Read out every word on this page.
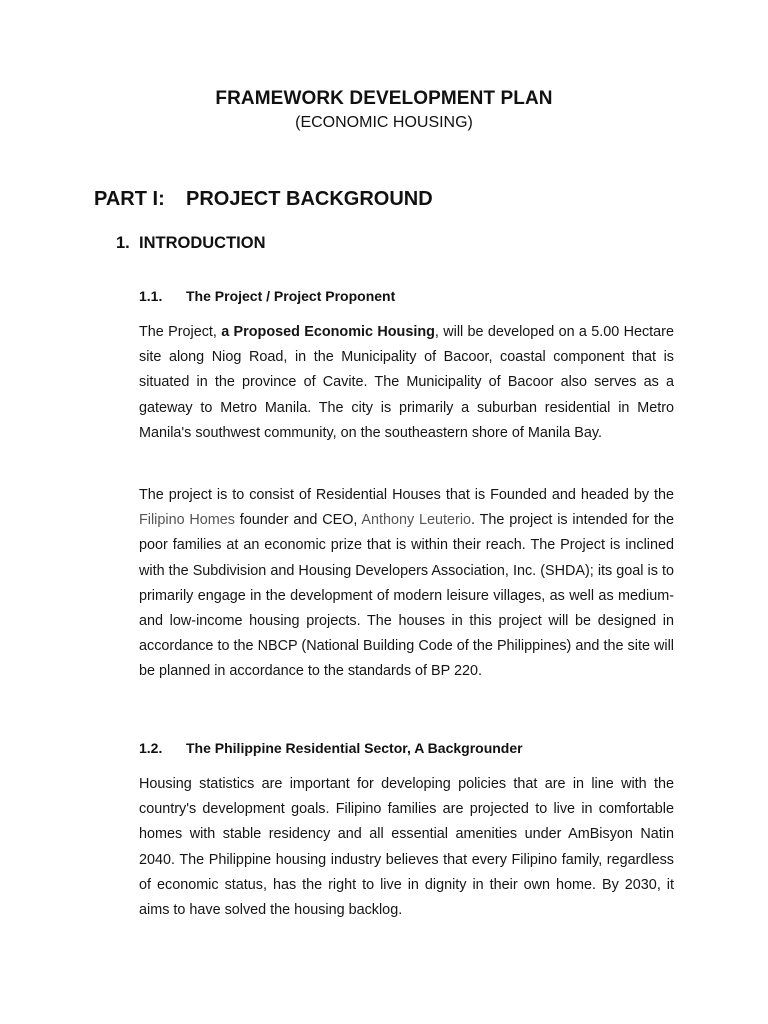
FRAMEWORK DEVELOPMENT PLAN
(ECONOMIC HOUSING)
PART I: PROJECT BACKGROUND
1. INTRODUCTION
1.1. The Project / Project Proponent
The Project, a Proposed Economic Housing, will be developed on a 5.00 Hectare site along Niog Road, in the Municipality of Bacoor, coastal component that is situated in the province of Cavite. The Municipality of Bacoor also serves as a gateway to Metro Manila. The city is primarily a suburban residential in Metro Manila's southwest community, on the southeastern shore of Manila Bay.
The project is to consist of Residential Houses that is Founded and headed by the Filipino Homes founder and CEO, Anthony Leuterio. The project is intended for the poor families at an economic prize that is within their reach. The Project is inclined with the Subdivision and Housing Developers Association, Inc. (SHDA); its goal is to primarily engage in the development of modern leisure villages, as well as medium- and low-income housing projects. The houses in this project will be designed in accordance to the NBCP (National Building Code of the Philippines) and the site will be planned in accordance to the standards of BP 220.
1.2. The Philippine Residential Sector, A Backgrounder
Housing statistics are important for developing policies that are in line with the country's development goals. Filipino families are projected to live in comfortable homes with stable residency and all essential amenities under AmBisyon Natin 2040. The Philippine housing industry believes that every Filipino family, regardless of economic status, has the right to live in dignity in their own home. By 2030, it aims to have solved the housing backlog.
